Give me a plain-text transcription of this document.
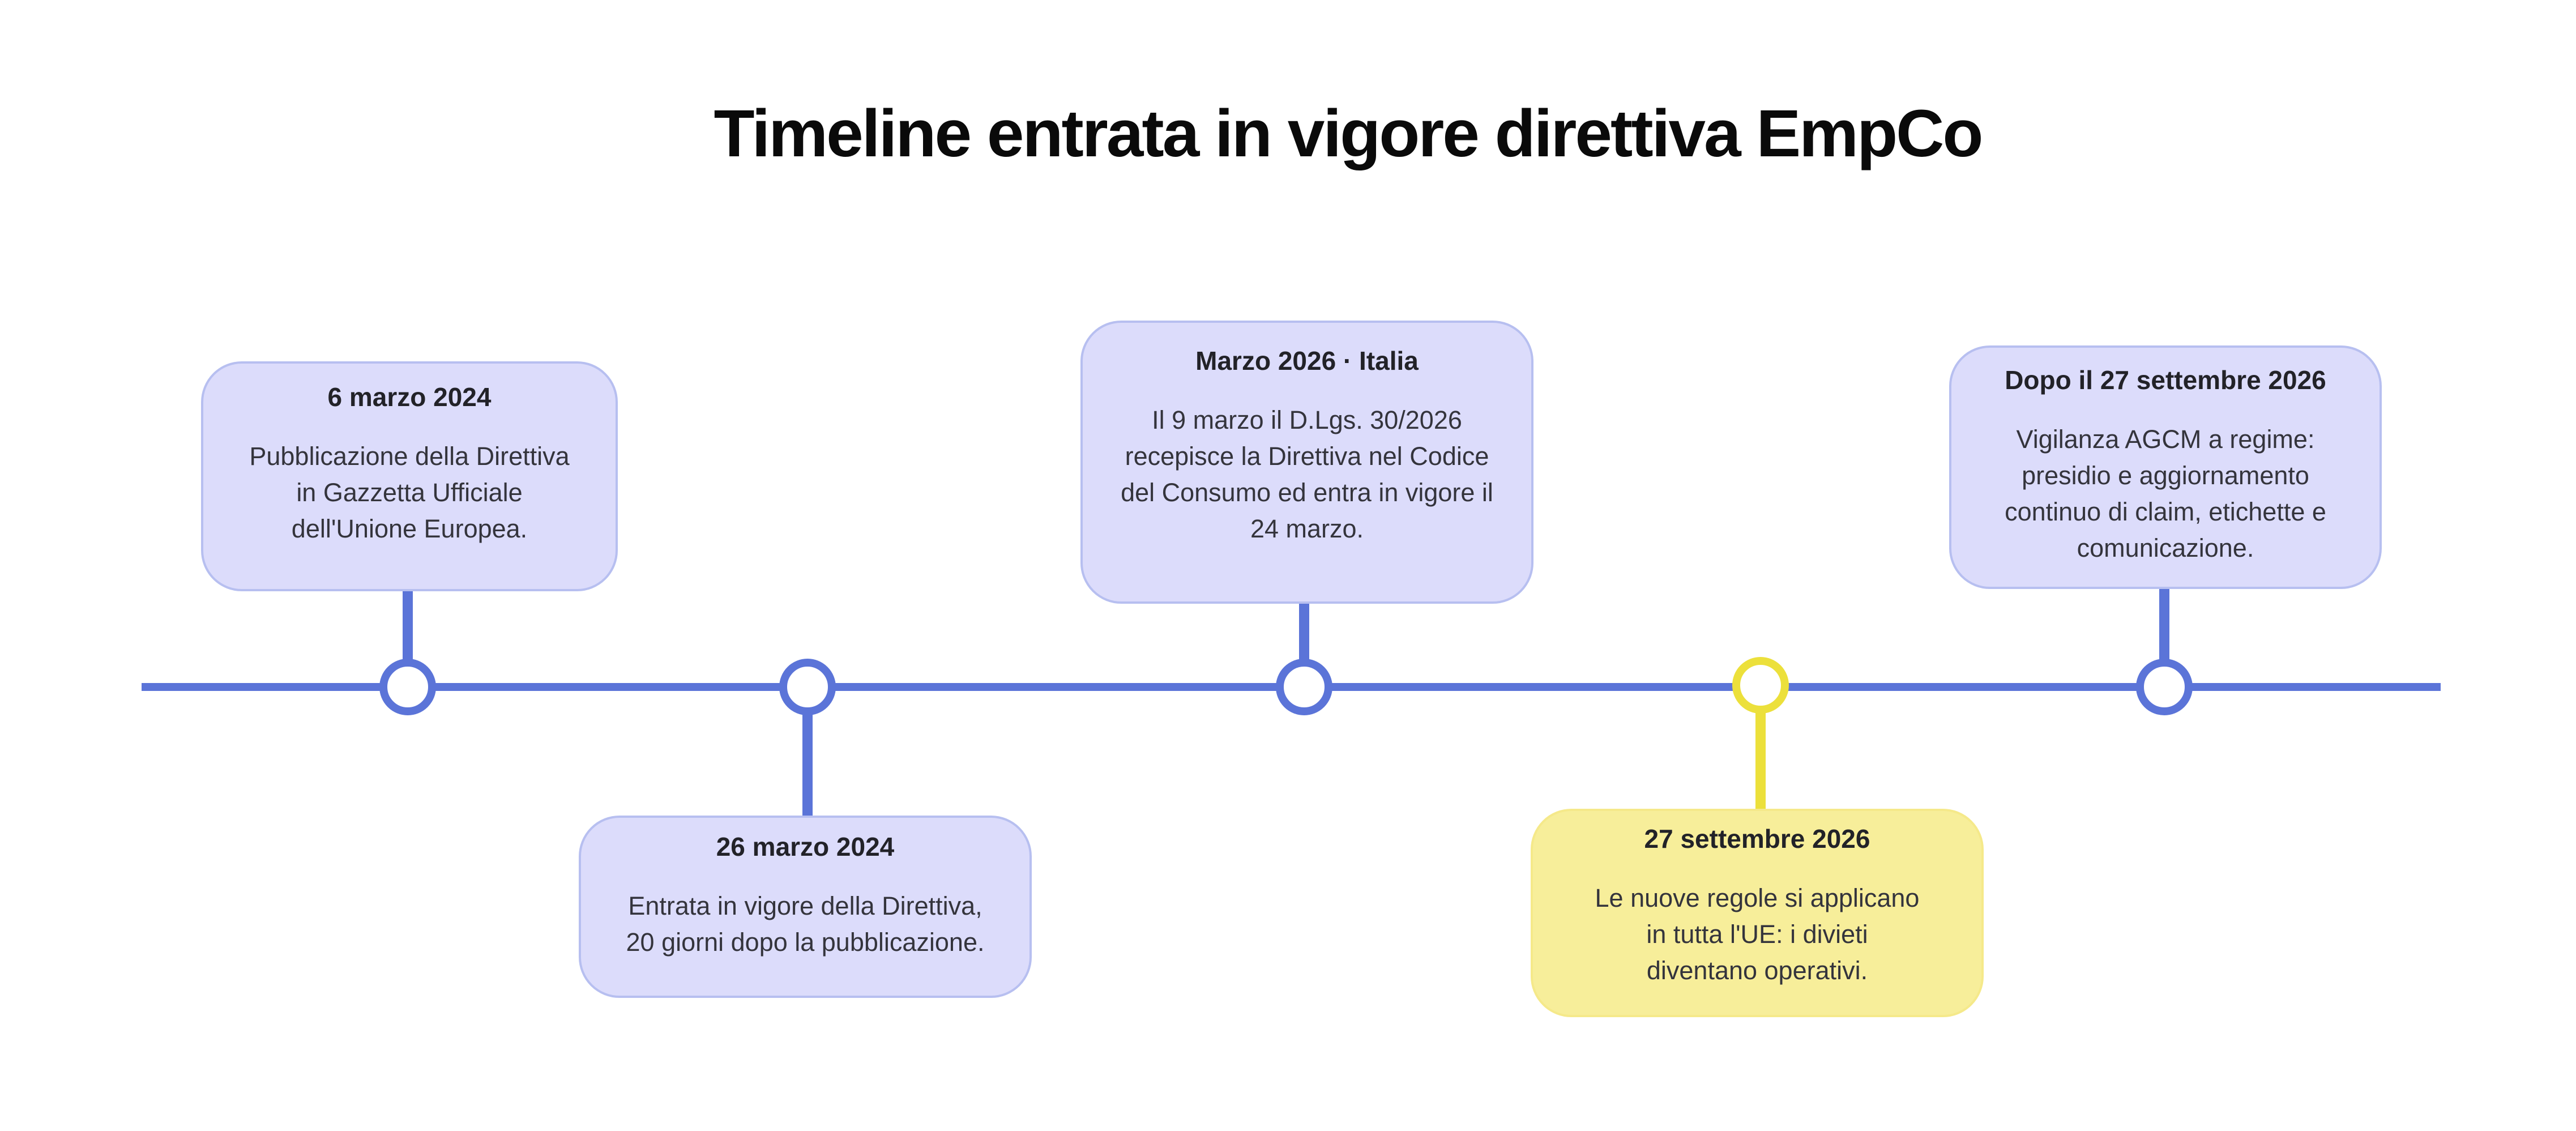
Timeline entrata in vigore direttiva EmpCo
6 marzo 2024
Pubblicazione della Direttiva
in Gazzetta Ufficiale
dell'Unione Europea.
26 marzo 2024
Entrata in vigore della Direttiva,
20 giorni dopo la pubblicazione.
Marzo 2026 · Italia
Il 9 marzo il D.Lgs. 30/2026
recepisce la Direttiva nel Codice
del Consumo ed entra in vigore il
24 marzo.
27 settembre 2026
Le nuove regole si applicano
in tutta l'UE: i divieti
diventano operativi.
Dopo il 27 settembre 2026
Vigilanza AGCM a regime:
presidio e aggiornamento
continuo di claim, etichette e
comunicazione.
